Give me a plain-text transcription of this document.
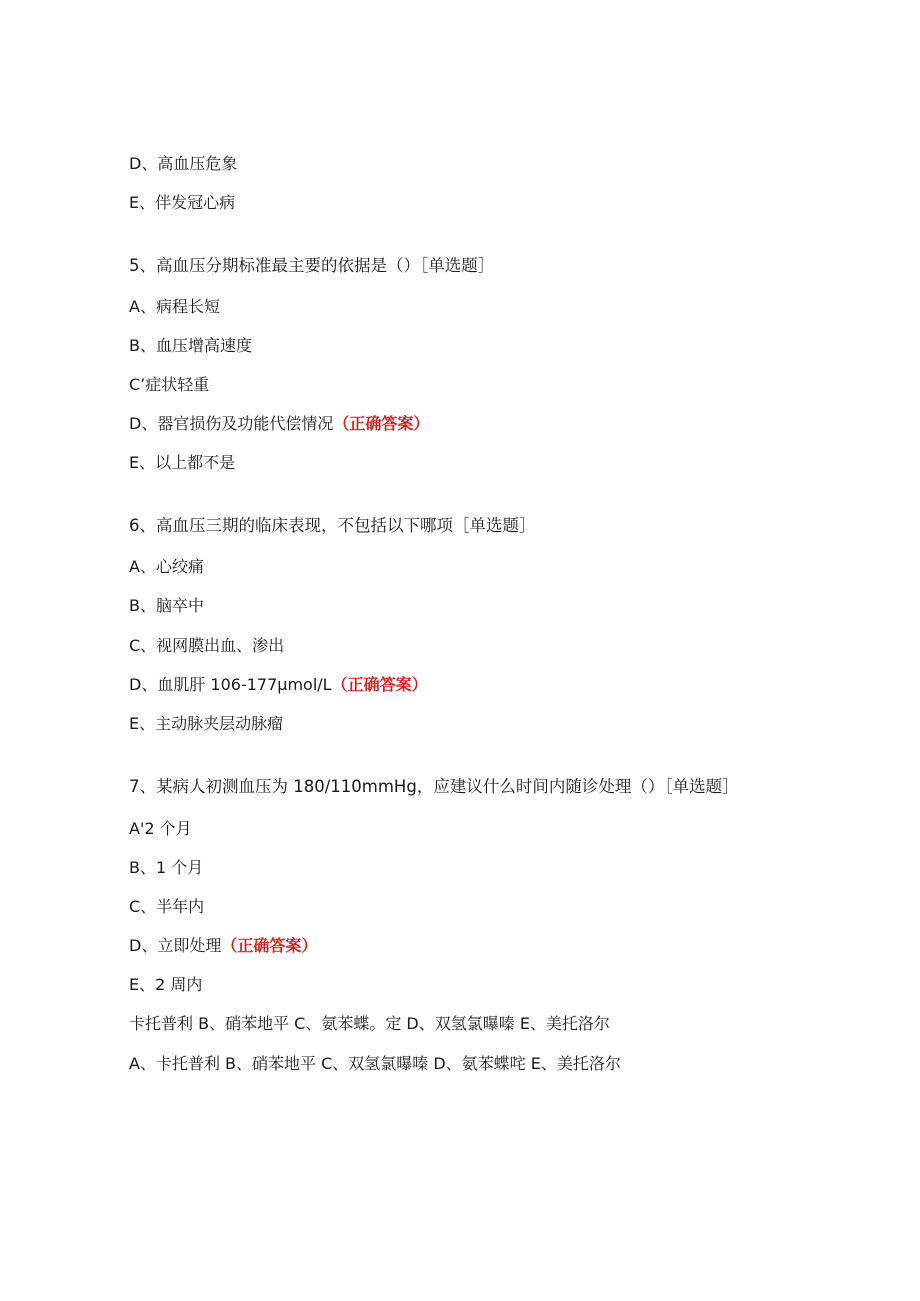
D、高血压危象
E、伴发冠心病
5、高血压分期标准最主要的依据是（）［单选题］
A、病程长短
B、血压增高速度
C’症状轻重
D、器官损伤及功能代偿情况（正确答案）
E、以上都不是
6、高血压三期的临床表现，不包括以下哪项［单选题］
A、心绞痛
B、脑卒中
C、视网膜出血、渗出
D、血肌肝 106-177μmol∕L（正确答案）
E、主动脉夹层动脉瘤
7、某病人初测血压为 180/110mmHg，应建议什么时间内随诊处理（）［单选题］
A'2 个月
B、1 个月
C、半年内
D、立即处理（正确答案）
E、2 周内
卡托普利 B、硝苯地平 C、氨苯蝶。定 D、双氢氯曝嗪 E、美托洛尔
A、卡托普利 B、硝苯地平 C、双氢氯曝嗪 D、氨苯蝶咤 E、美托洛尔
